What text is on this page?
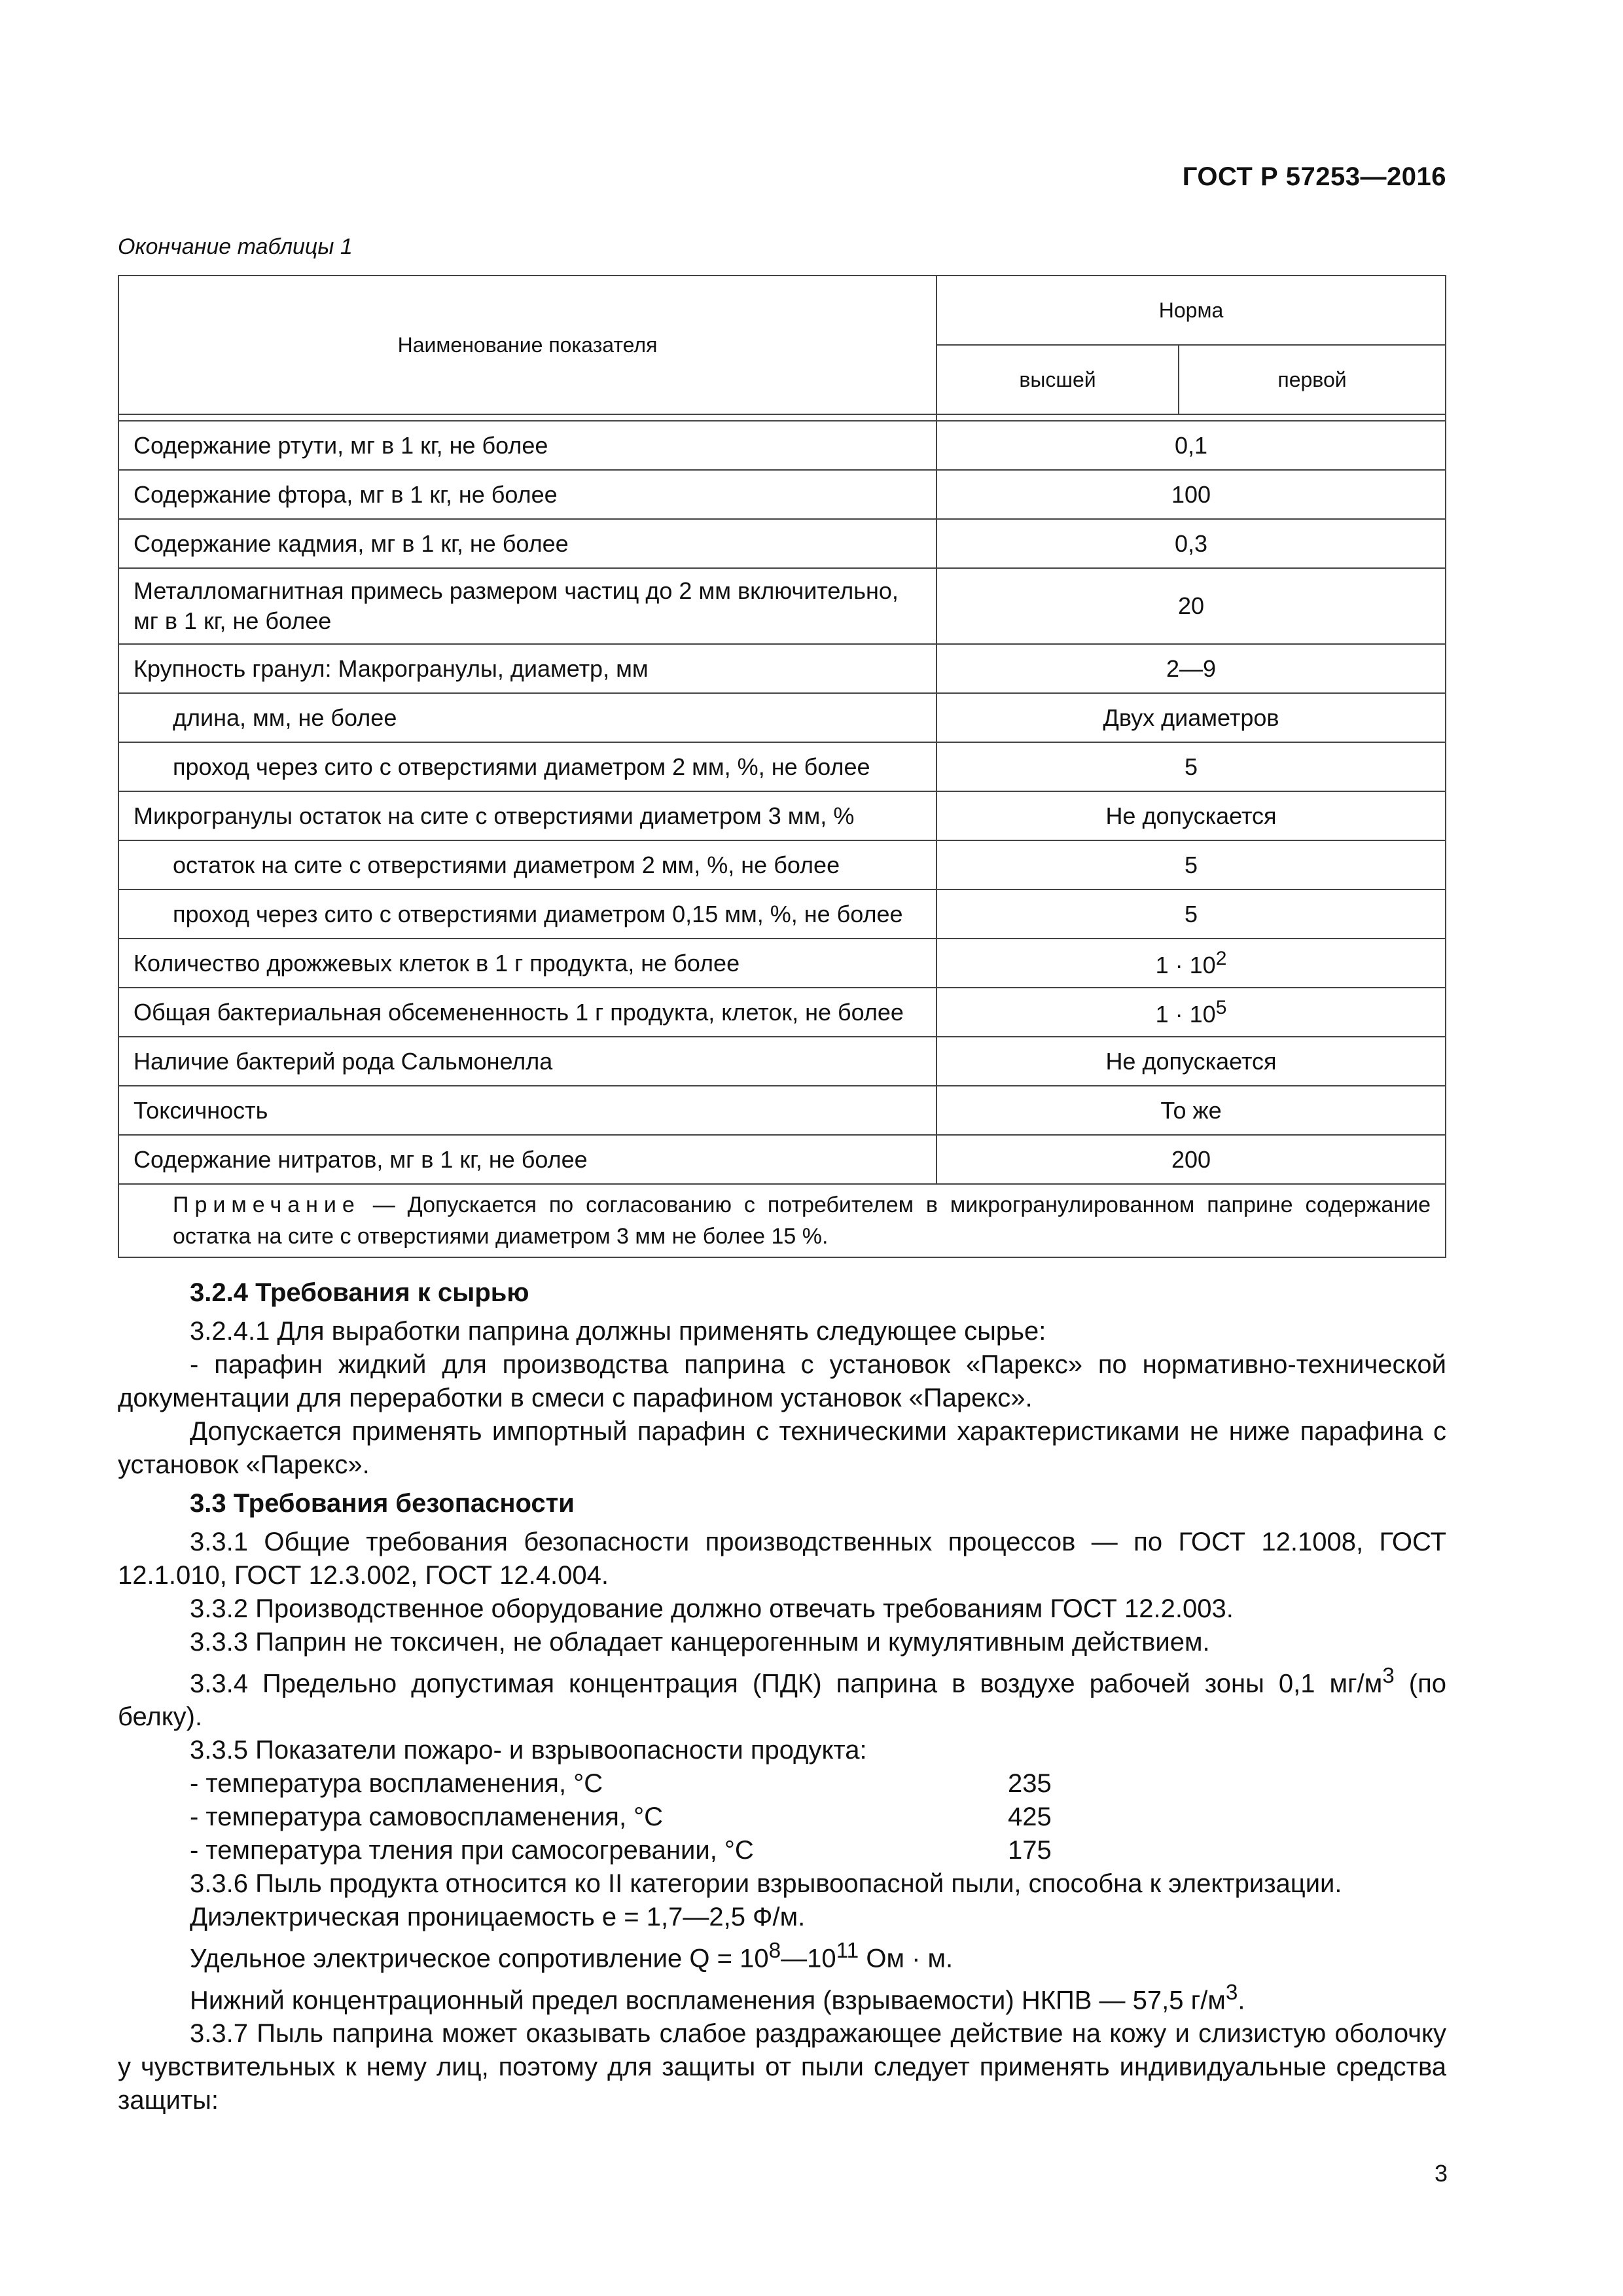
ГОСТ Р 57253—2016
Окончание таблицы 1
Наименование показателя	Норма	
	высшей	первой

Содержание ртути, мг в 1 кг, не более	0,1	
Содержание фтора, мг в 1 кг, не более	100	
Содержание кадмия, мг в 1 кг, не более	0,3	
Металломагнитная примесь размером частиц до 2 мм включительно, мг в 1 кг, не более	20	
Крупность гранул: Макрогранулы, диаметр, мм	2—9	
длина, мм, не более	Двух диаметров	
проход через сито с отверстиями диаметром 2 мм, %, не более	5	
Микрогранулы остаток на сите с отверстиями диаметром 3 мм, %	Не допускается	
остаток на сите с отверстиями диаметром 2 мм, %, не более	5	
проход через сито с отверстиями диаметром 0,15 мм, %, не более	5	
Количество дрожжевых клеток в 1 г продукта, не более	$1 \cdot 10^2$
Общая бактериальная обсемененность 1 г продукта, клеток, не более	$1 \cdot 10^5$
Наличие бактерий рода Сальмонелла	Не допускается	
Токсичность	То же	
Содержание нитратов, мг в 1 кг, не более	200	
Примечание — Допускается по согласованию с потребителем в микрогранулированном паприне содержание остатка на сите с отверстиями диаметром 3 мм не более 15 %.		

3.2.4 Требования к сырью

3.2.4.1 Для выработки паприна должны применять следующее сырье:

- парафин жидкий для производства паприна с установок «Парекс» по нормативно-технической документации для переработки в смеси с парафином установок «Парекс».

Допускается применять импортный парафин с техническими характеристиками не ниже парафина с установок «Парекс».

3.3 Требования безопасности

3.3.1 Общие требования безопасности производственных процессов — по ГОСТ 12.1008, ГОСТ 12.1.010, ГОСТ 12.3.002, ГОСТ 12.4.004.

3.3.2 Производственное оборудование должно отвечать требованиям ГОСТ 12.2.003.

3.3.3 Паприн не токсичен, не обладает канцерогенным и кумулятивным действием.

3.3.4 Предельно допустимая концентрация (ПДК) паприна в воздухе рабочей зоны 0,1 $мг/м^3$ (по белку).

3.3.5 Показатели пожаро- и взрывоопасности продукта:

- температура воспламенения, °С	235
- температура самовоспламенения, °С	425
- температура тления при самосогревании, °С	175

3.3.6 Пыль продукта относится ко II категории взрывоопасной пыли, способна к электризации.

Диэлектрическая проницаемость е = 1,7—2,5 Ф/м.

Удельное электрическое сопротивление $Q = 10^8—10^{11}$ Ом · м.

Нижний концентрационный предел воспламенения (взрываемости) НКПВ — 57,5 $г/м^3$.

3.3.7 Пыль паприна может оказывать слабое раздражающее действие на кожу и слизистую оболочку у чувствительных к нему лиц, поэтому для защиты от пыли следует применять индивидуальные средства защиты:

3
